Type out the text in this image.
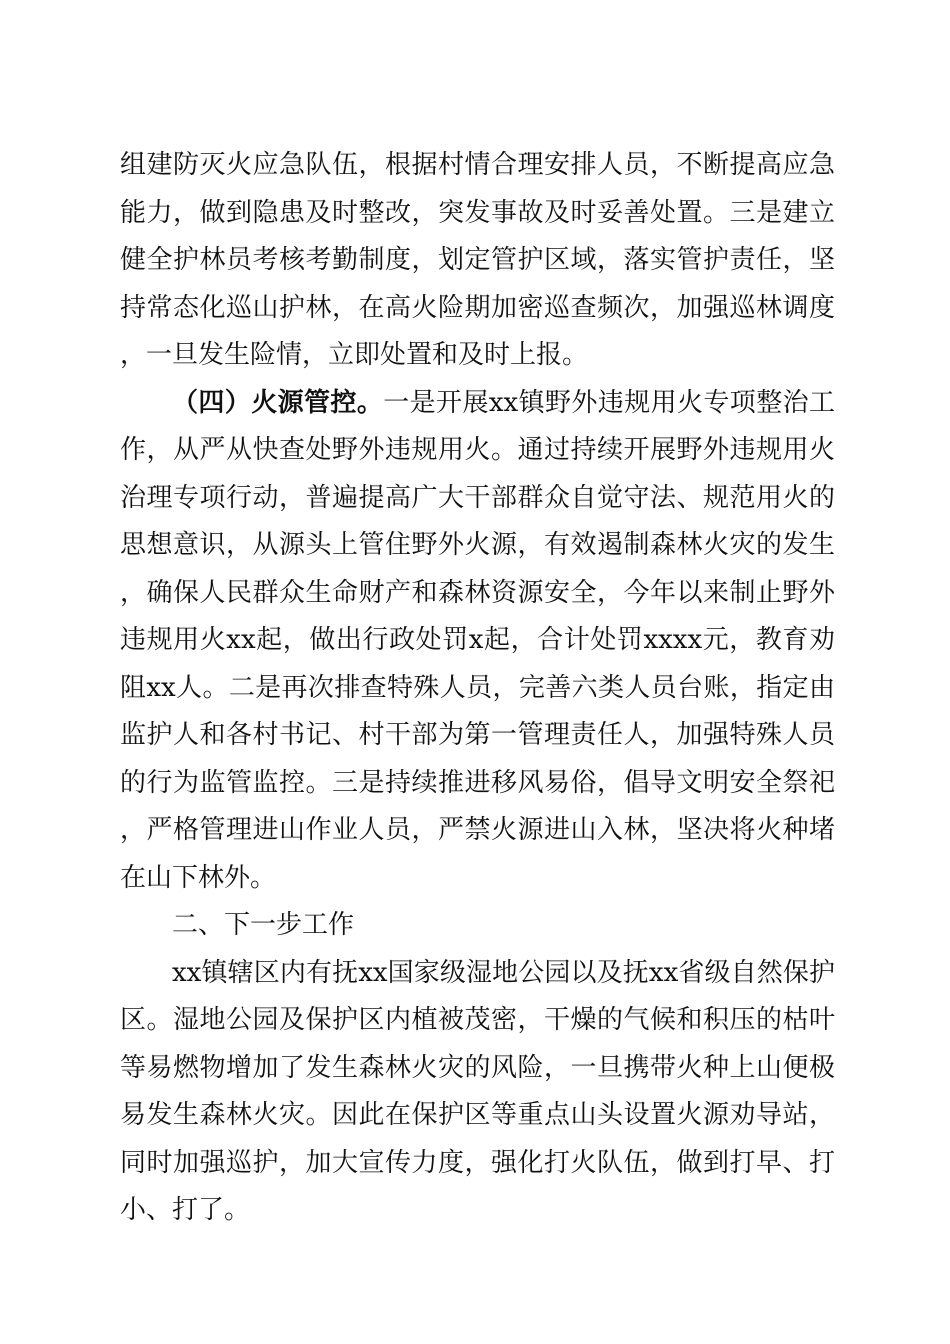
组建防灭火应急队伍，根据村情合理安排人员，不断提高应急能力，做到隐患及时整改，突发事故及时妥善处置。三是建立健全护林员考核考勤制度，划定管护区域，落实管护责任，坚持常态化巡山护林，在高火险期加密巡查频次，加强巡林调度，一旦发生险情，立即处置和及时上报。

（四）火源管控。一是开展xx镇野外违规用火专项整治工作，从严从快查处野外违规用火。通过持续开展野外违规用火治理专项行动，普遍提高广大干部群众自觉守法、规范用火的思想意识，从源头上管住野外火源，有效遏制森林火灾的发生，确保人民群众生命财产和森林资源安全，今年以来制止野外违规用火xx起，做出行政处罚x起，合计处罚xxxx元，教育劝阻xx人。二是再次排查特殊人员，完善六类人员台账，指定由监护人和各村书记、村干部为第一管理责任人，加强特殊人员的行为监管监控。三是持续推进移风易俗，倡导文明安全祭祀，严格管理进山作业人员，严禁火源进山入林，坚决将火种堵在山下林外。

二、下一步工作

xx镇辖区内有抚xx国家级湿地公园以及抚xx省级自然保护区。湿地公园及保护区内植被茂密，干燥的气候和积压的枯叶等易燃物增加了发生森林火灾的风险，一旦携带火种上山便极易发生森林火灾。因此在保护区等重点山头设置火源劝导站，同时加强巡护，加大宣传力度，强化打火队伍，做到打早、打小、打了。
